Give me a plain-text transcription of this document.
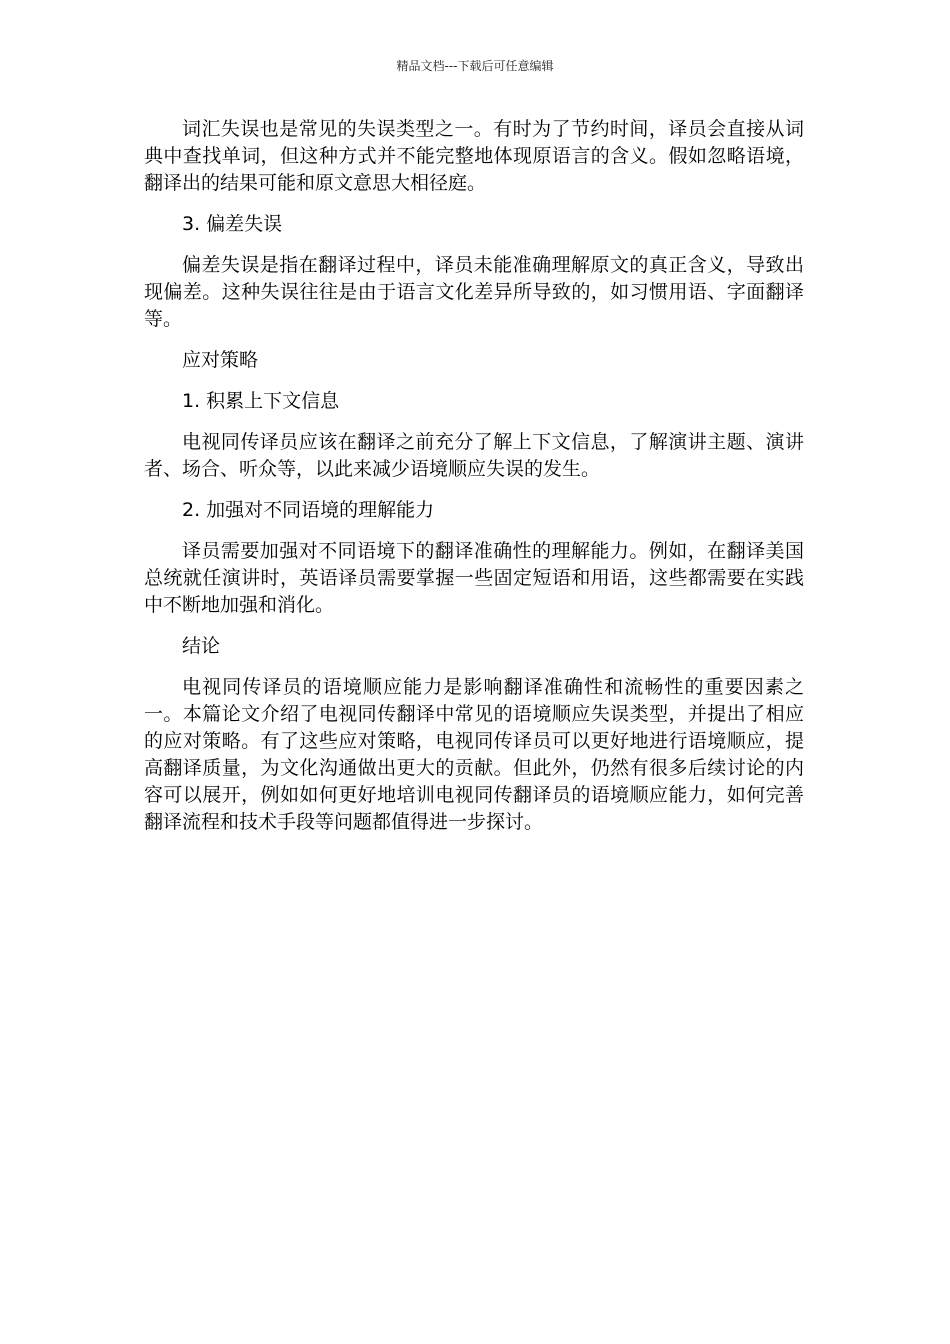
精品文档---下载后可任意编辑

词汇失误也是常见的失误类型之一。有时为了节约时间，译员会直接从词典中查找单词，但这种方式并不能完整地体现原语言的含义。假如忽略语境，翻译出的结果可能和原文意思大相径庭。

3. 偏差失误

偏差失误是指在翻译过程中，译员未能准确理解原文的真正含义，导致出现偏差。这种失误往往是由于语言文化差异所导致的，如习惯用语、字面翻译等。

应对策略

1. 积累上下文信息

电视同传译员应该在翻译之前充分了解上下文信息，了解演讲主题、演讲者、场合、听众等，以此来减少语境顺应失误的发生。

2. 加强对不同语境的理解能力

译员需要加强对不同语境下的翻译准确性的理解能力。例如，在翻译美国总统就任演讲时，英语译员需要掌握一些固定短语和用语，这些都需要在实践中不断地加强和消化。

结论

电视同传译员的语境顺应能力是影响翻译准确性和流畅性的重要因素之一。本篇论文介绍了电视同传翻译中常见的语境顺应失误类型，并提出了相应的应对策略。有了这些应对策略，电视同传译员可以更好地进行语境顺应，提高翻译质量，为文化沟通做出更大的贡献。但此外，仍然有很多后续讨论的内容可以展开，例如如何更好地培训电视同传翻译员的语境顺应能力，如何完善翻译流程和技术手段等问题都值得进一步探讨。
